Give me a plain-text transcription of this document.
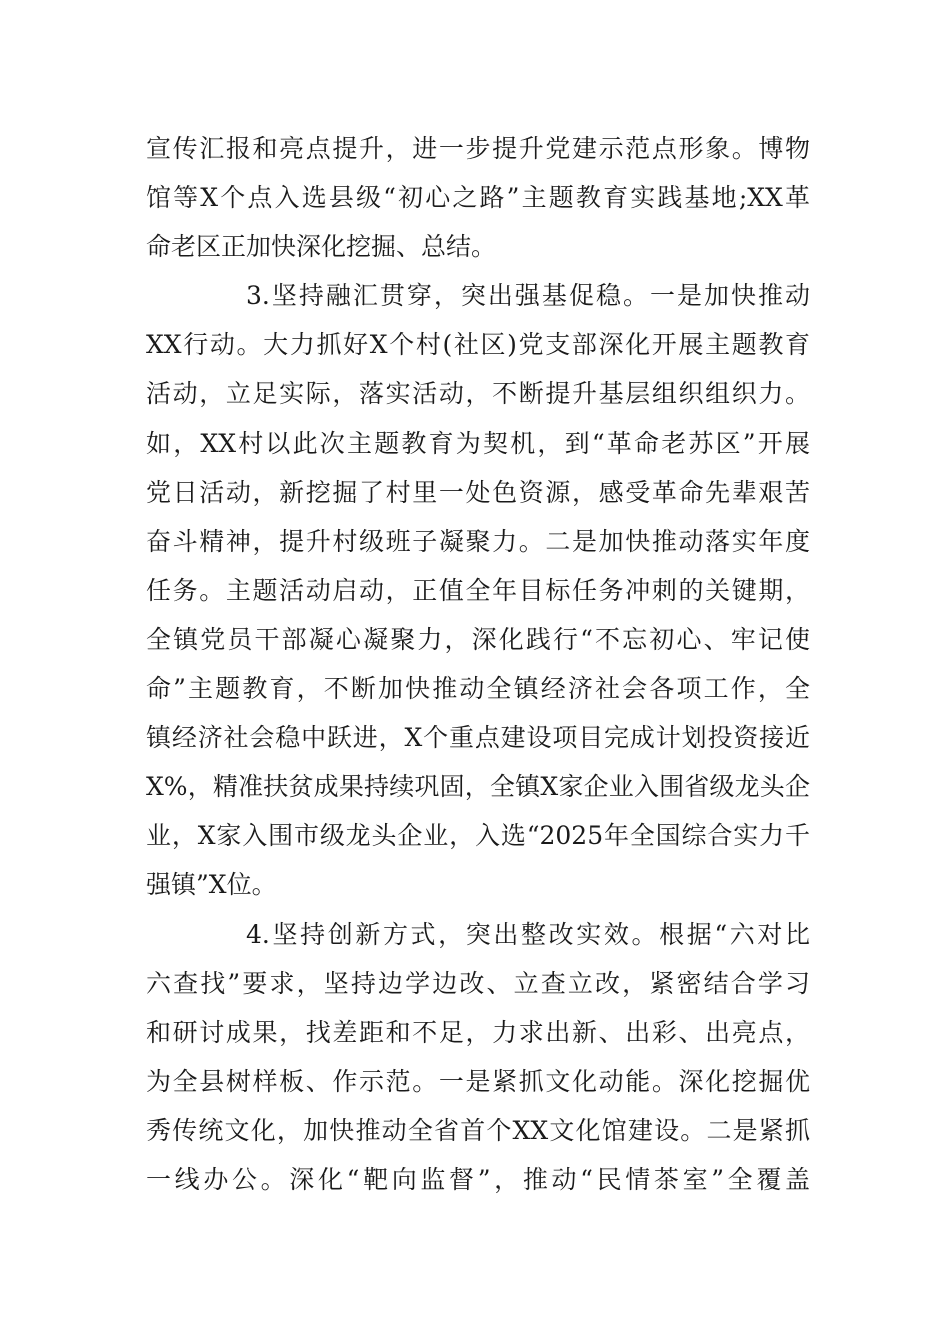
宣传汇报和亮点提升，进一步提升党建示范点形象。博物
馆等X个点入选县级“初心之路”主题教育实践基地;XX革
命老区正加快深化挖掘、总结。
3.坚持融汇贯穿，突出强基促稳。一是加快推动
XX行动。大力抓好X个村(社区)党支部深化开展主题教育
活动，立足实际，落实活动，不断提升基层组织组织力。
如，XX村以此次主题教育为契机，到“革命老苏区”开展
党日活动，新挖掘了村里一处色资源，感受革命先辈艰苦
奋斗精神，提升村级班子凝聚力。二是加快推动落实年度
任务。主题活动启动，正值全年目标任务冲刺的关键期，
全镇党员干部凝心凝聚力，深化践行“不忘初心、牢记使
命”主题教育，不断加快推动全镇经济社会各项工作，全
镇经济社会稳中跃进，X个重点建设项目完成计划投资接近
X%，精准扶贫成果持续巩固，全镇X家企业入围省级龙头企
业，X家入围市级龙头企业，入选“2025年全国综合实力千
强镇”X位。
4.坚持创新方式，突出整改实效。根据“六对比
六查找”要求，坚持边学边改、立查立改，紧密结合学习
和研讨成果，找差距和不足，力求出新、出彩、出亮点，
为全县树样板、作示范。一是紧抓文化动能。深化挖掘优
秀传统文化，加快推动全省首个XX文化馆建设。二是紧抓
一线办公。深化“靶向监督”，推动“民情茶室”全覆盖
